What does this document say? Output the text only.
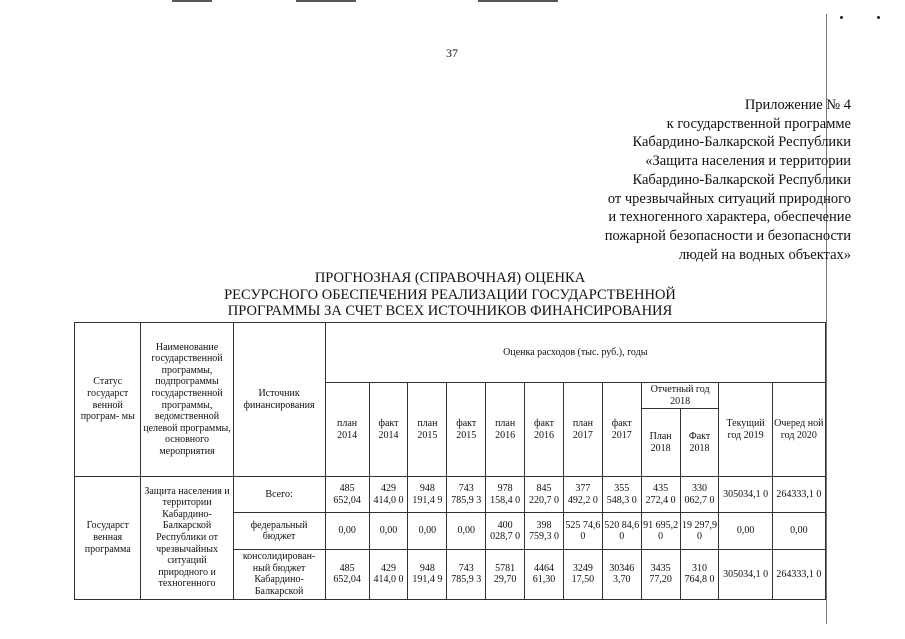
37
Приложение № 4
к государственной программе
Кабардино-Балкарской Республики
«Защита населения и территории
Кабардино-Балкарской Республики
от чрезвычайных ситуаций природного
и техногенного характера, обеспечение
пожарной безопасности и безопасности
людей на водных объектах»
ПРОГНОЗНАЯ (СПРАВОЧНАЯ) ОЦЕНКА
РЕСУРСНОГО ОБЕСПЕЧЕНИЯ РЕАЛИЗАЦИИ ГОСУДАРСТВЕННОЙ
ПРОГРАММЫ ЗА СЧЕТ ВСЕХ ИСТОЧНИКОВ ФИНАНСИРОВАНИЯ
Статус государст венной програм- мы	Наименование государственной программы, подпрограммы государственной программы, ведомственной целевой программы, основного мероприятия	Источник финансирования	Оценка расходов (тыс. руб.), годы											
			план 2014	факт 2014	план 2015	факт 2015	план 2016	факт 2016	план 2017	факт 2017	Отчетный год 2018		Текущий год 2019	Очеред ной год 2020
											План 2018	Факт 2018		
Государст венная программа	Защита населения и территории Кабардино-Балкарской Республики от чрезвычайных ситуаций природного и техногенного	Всего:	485 652,04	429 414,0 0	948 191,4 9	743 785,9 3	978 158,4 0	845 220,7 0	377 492,2 0	355 548,3 0	435 272,4 0	330 062,7 0	305034,1 0	264333,1 0
		федеральный бюджет	0,00	0,00	0,00	0,00	400 028,7 0	398 759,3 0	525 74,6 0	520 84,6 0	91 695,2 0	19 297,9 0	0,00	0,00
		консолидирован- ный бюджет Кабардино- Балкарской	485 652,04	429 414,0 0	948 191,4 9	743 785,9 3	5781 29,70	4464 61,30	3249 17,50	30346 3,70	3435 77,20	310 764,8 0	305034,1 0	264333,1 0
